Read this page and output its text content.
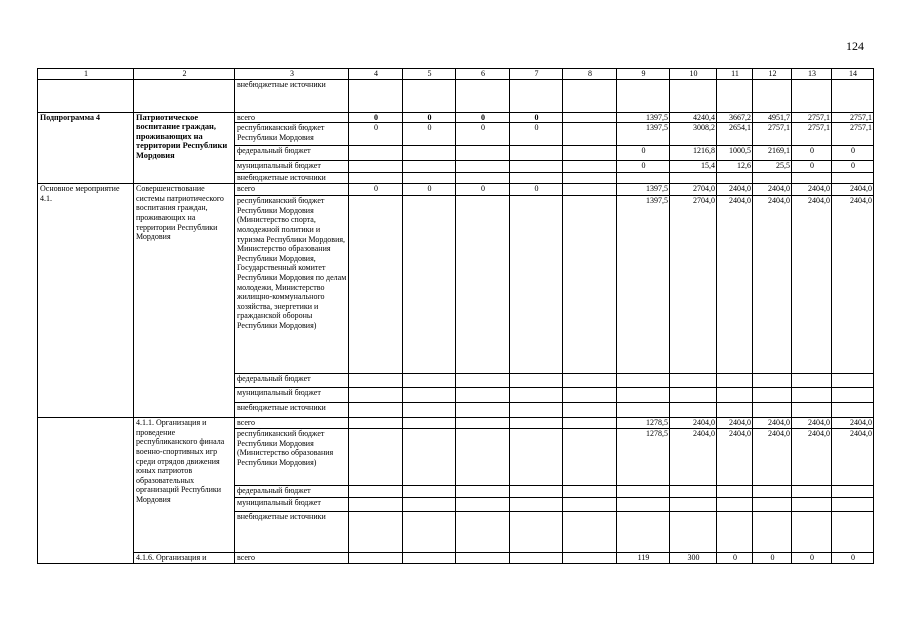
124
1	2	3	4	5	6	7	8	9	10	11	12	13	14
		внебюджетные источники											
Подпрограмма 4	Патриотическое воспитание граждан, проживающих на территории Республики Мордовия	всего	0	0	0	0		1397,5	4240,4	3667,2	4951,7	2757,1	2757,1
		республиканский бюджет Республики Мордовия	0	0	0	0		1397,5	3008,2	2654,1	2757,1	2757,1	2757,1
		федеральный бюджет						0	1216,8	1000,5	2169,1	0	0
		муниципальный бюджет						0	15,4	12,6	25,5	0	0
		внебюджетные источники											
Основное мероприятие 4.1.	Совершенствование системы патриотического воспитания граждан, проживающих на территории Республики Мордовия	всего	0	0	0	0		1397,5	2704,0	2404,0	2404,0	2404,0	2404,0
		республиканский бюджет Республики Мордовия (Министерство спорта, молодежной политики и туризма Республики Мордовия, Министерство образования Республики Мордовия, Государственный комитет Республики Мордовия по делам молодежи, Министерство жилищно-коммунального хозяйства, энергетики и гражданской обороны Республики Мордовия)						1397,5	2704,0	2404,0	2404,0	2404,0	2404,0
		федеральный бюджет											
		муниципальный бюджет											
		внебюджетные источники											
	4.1.1. Организация и проведение республиканского финала военно-спортивных игр среди отрядов движения юных патриотов образовательных организаций Республики Мордовия	всего						1278,5	2404,0	2404,0	2404,0	2404,0	2404,0
		республиканский бюджет Республики Мордовия (Министерство образования Республики Мордовия)						1278,5	2404,0	2404,0	2404,0	2404,0	2404,0
		федеральный бюджет											
		муниципальный бюджет											
		внебюджетные источники											
	4.1.6. Организация и	всего						119	300	0	0	0	0
